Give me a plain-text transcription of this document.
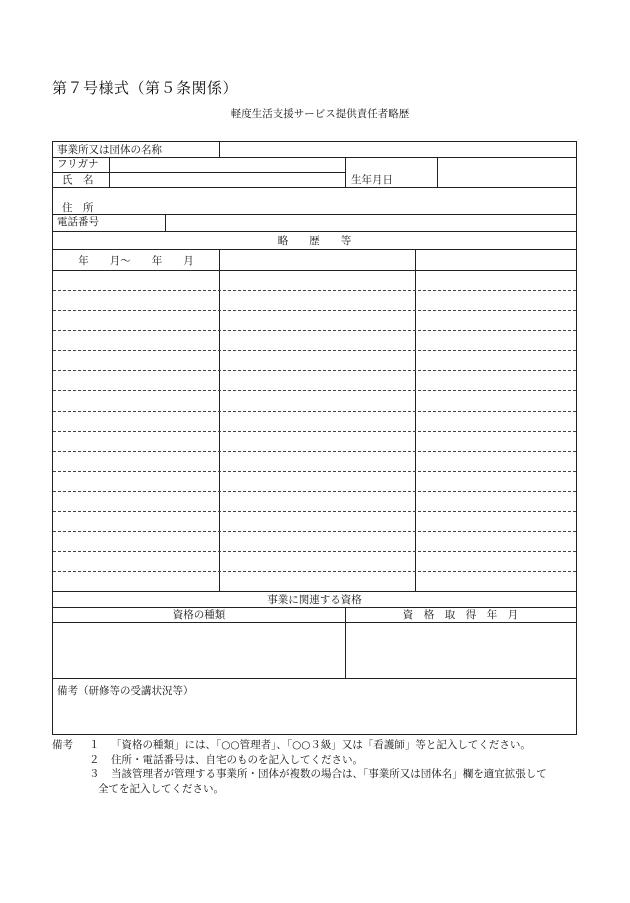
第７号様式（第５条関係）
軽度生活支援サービス提供責任者略歴
事業所又は団体の名称
フリガナ
氏　名	生年月日
住　所
電話番号
略　　歴　　等
年　　月～　　年　　月
事業に関連する資格
資格の種類	資　格　取　得　年　月
備考（研修等の受講状況等）
備考 １ 「資格の種類」には、「○○管理者」、「○○３級」又は「看護師」等と記入してください。
２ 住所・電話番号は、自宅のものを記入してください。
３ 当該管理者が管理する事業所・団体が複数の場合は、「事業所又は団体名」欄を適宜拡張して
全てを記入してください。
